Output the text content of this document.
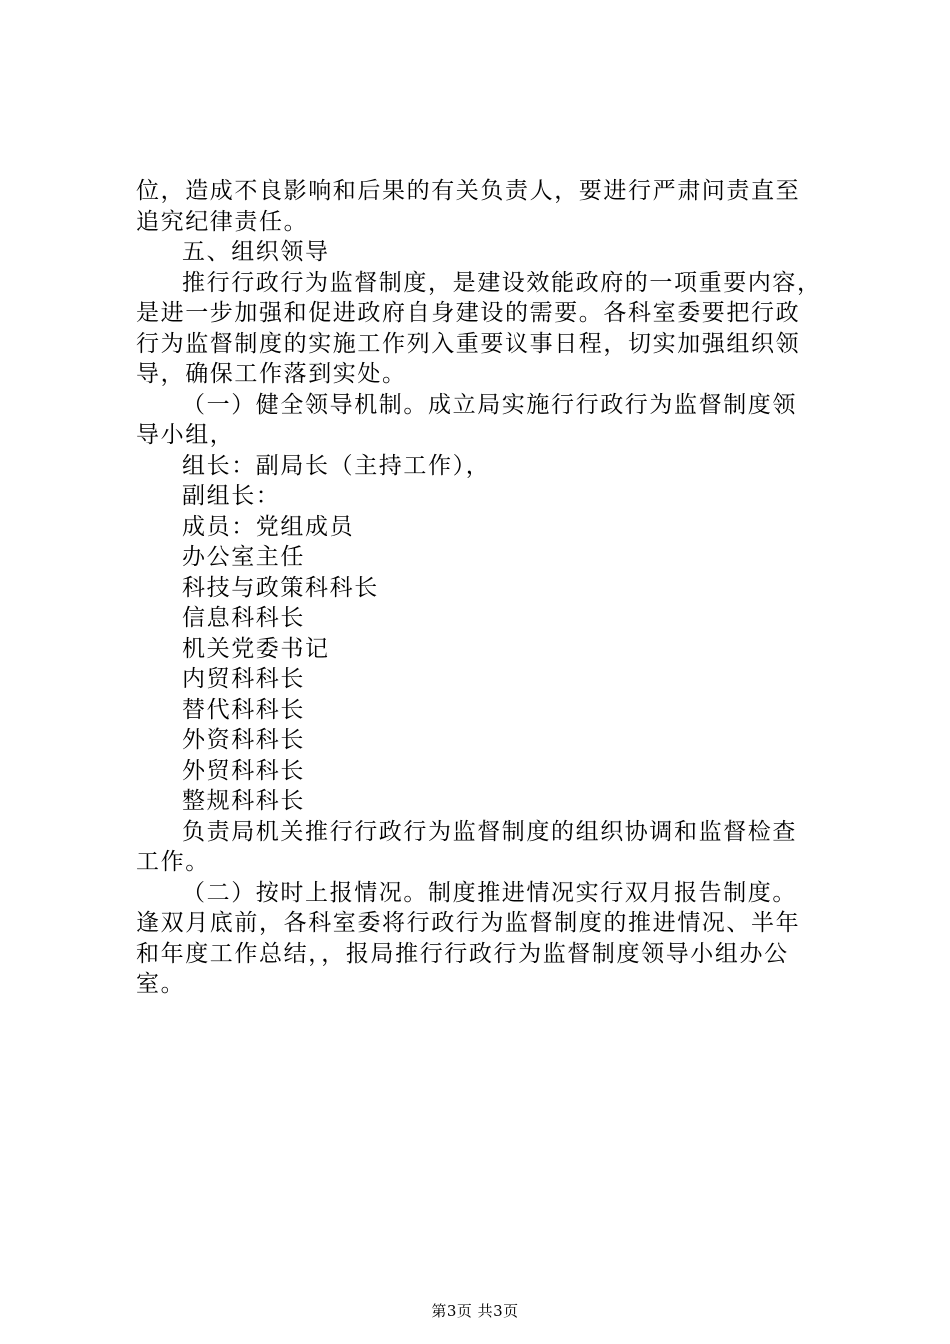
位，造成不良影响和后果的有关负责人，要进行严肃问责直至
追究纪律责任。
五、组织领导
推行行政行为监督制度，是建设效能政府的一项重要内容，
是进一步加强和促进政府自身建设的需要。各科室委要把行政
行为监督制度的实施工作列入重要议事日程，切实加强组织领
导，确保工作落到实处。
（一）健全领导机制。成立局实施行行政行为监督制度领
导小组，
组长：副局长（主持工作），
副组长：
成员：党组成员
办公室主任
科技与政策科科长
信息科科长
机关党委书记
内贸科科长
替代科科长
外资科科长
外贸科科长
整规科科长
负责局机关推行行政行为监督制度的组织协调和监督检查
工作。
（二）按时上报情况。制度推进情况实行双月报告制度。
逢双月底前，各科室委将行政行为监督制度的推进情况、半年
和年度工作总结，，报局推行行政行为监督制度领导小组办公
室。
第3页 共3页
